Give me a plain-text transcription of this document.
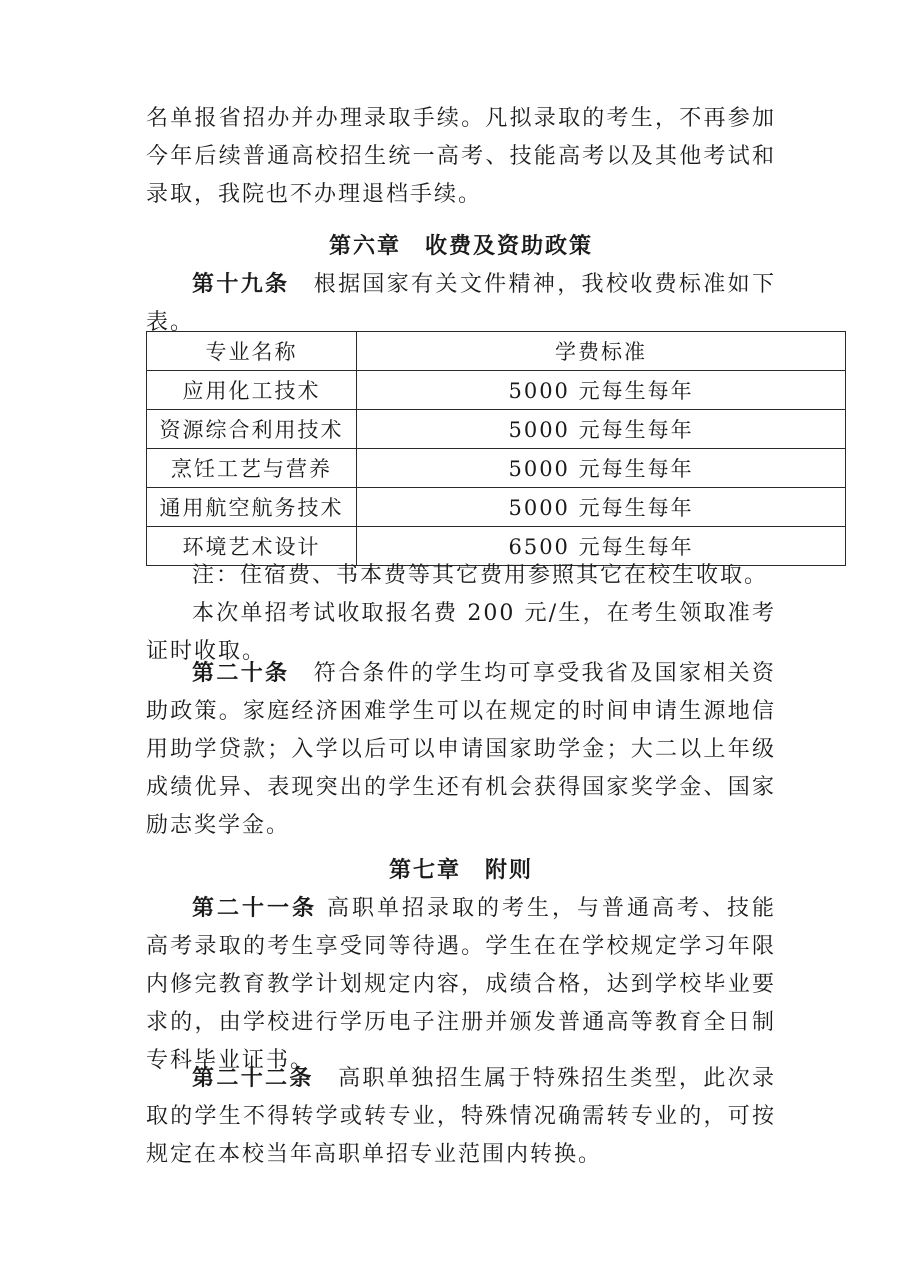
名单报省招办并办理录取手续。凡拟录取的考生，不再参加今年后续普通高校招生统一高考、技能高考以及其他考试和录取，我院也不办理退档手续。

第六章　收费及资助政策

第十九条　根据国家有关文件精神，我校收费标准如下表。

专业名称	学费标准
应用化工技术	5000 元每生每年
资源综合利用技术	5000 元每生每年
烹饪工艺与营养	5000 元每生每年
通用航空航务技术	5000 元每生每年
环境艺术设计	6500 元每生每年

注：住宿费、书本费等其它费用参照其它在校生收取。

本次单招考试收取报名费 200 元/生，在考生领取准考证时收取。

第二十条　符合条件的学生均可享受我省及国家相关资助政策。家庭经济困难学生可以在规定的时间申请生源地信用助学贷款；入学以后可以申请国家助学金；大二以上年级成绩优异、表现突出的学生还有机会获得国家奖学金、国家励志奖学金。

第七章　附则

第二十一条 高职单招录取的考生，与普通高考、技能高考录取的考生享受同等待遇。学生在在学校规定学习年限内修完教育教学计划规定内容，成绩合格，达到学校毕业要求的，由学校进行学历电子注册并颁发普通高等教育全日制专科毕业证书。

第二十二条　高职单独招生属于特殊招生类型，此次录取的学生不得转学或转专业，特殊情况确需转专业的，可按规定在本校当年高职单招专业范围内转换。
